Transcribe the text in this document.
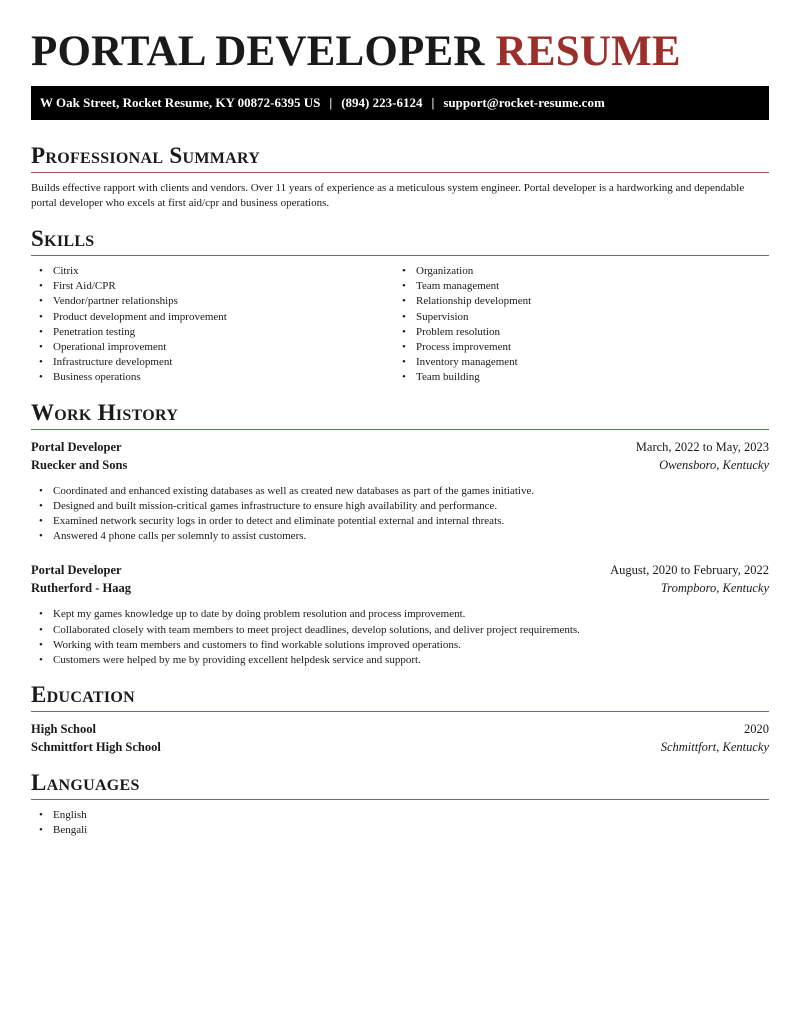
PORTAL DEVELOPER RESUME
W Oak Street, Rocket Resume, KY 00872-6395 US | (894) 223-6124 | support@rocket-resume.com
Professional Summary

Builds effective rapport with clients and vendors. Over 11 years of experience as a meticulous system engineer. Portal developer is a hardworking and dependable portal developer who excels at first aid/cpr and business operations.

Skills
• Citrix
• First Aid/CPR
• Vendor/partner relationships
• Product development and improvement
• Penetration testing
• Operational improvement
• Infrastructure development
• Business operations
• Organization
• Team management
• Relationship development
• Supervision
• Problem resolution
• Process improvement
• Inventory management
• Team building
Work History
Portal Developer	March, 2022 to May, 2023
Ruecker and Sons	Owensboro, Kentucky
• Coordinated and enhanced existing databases as well as created new databases as part of the games initiative.
• Designed and built mission-critical games infrastructure to ensure high availability and performance.
• Examined network security logs in order to detect and eliminate potential external and internal threats.
• Answered 4 phone calls per solemnly to assist customers.
Portal Developer	August, 2020 to February, 2022
Rutherford - Haag	Trompboro, Kentucky
• Kept my games knowledge up to date by doing problem resolution and process improvement.
• Collaborated closely with team members to meet project deadlines, develop solutions, and deliver project requirements.
• Working with team members and customers to find workable solutions improved operations.
• Customers were helped by me by providing excellent helpdesk service and support.
Education
High School	2020
Schmittfort High School	Schmittfort, Kentucky
Languages
• English
• Bengali
